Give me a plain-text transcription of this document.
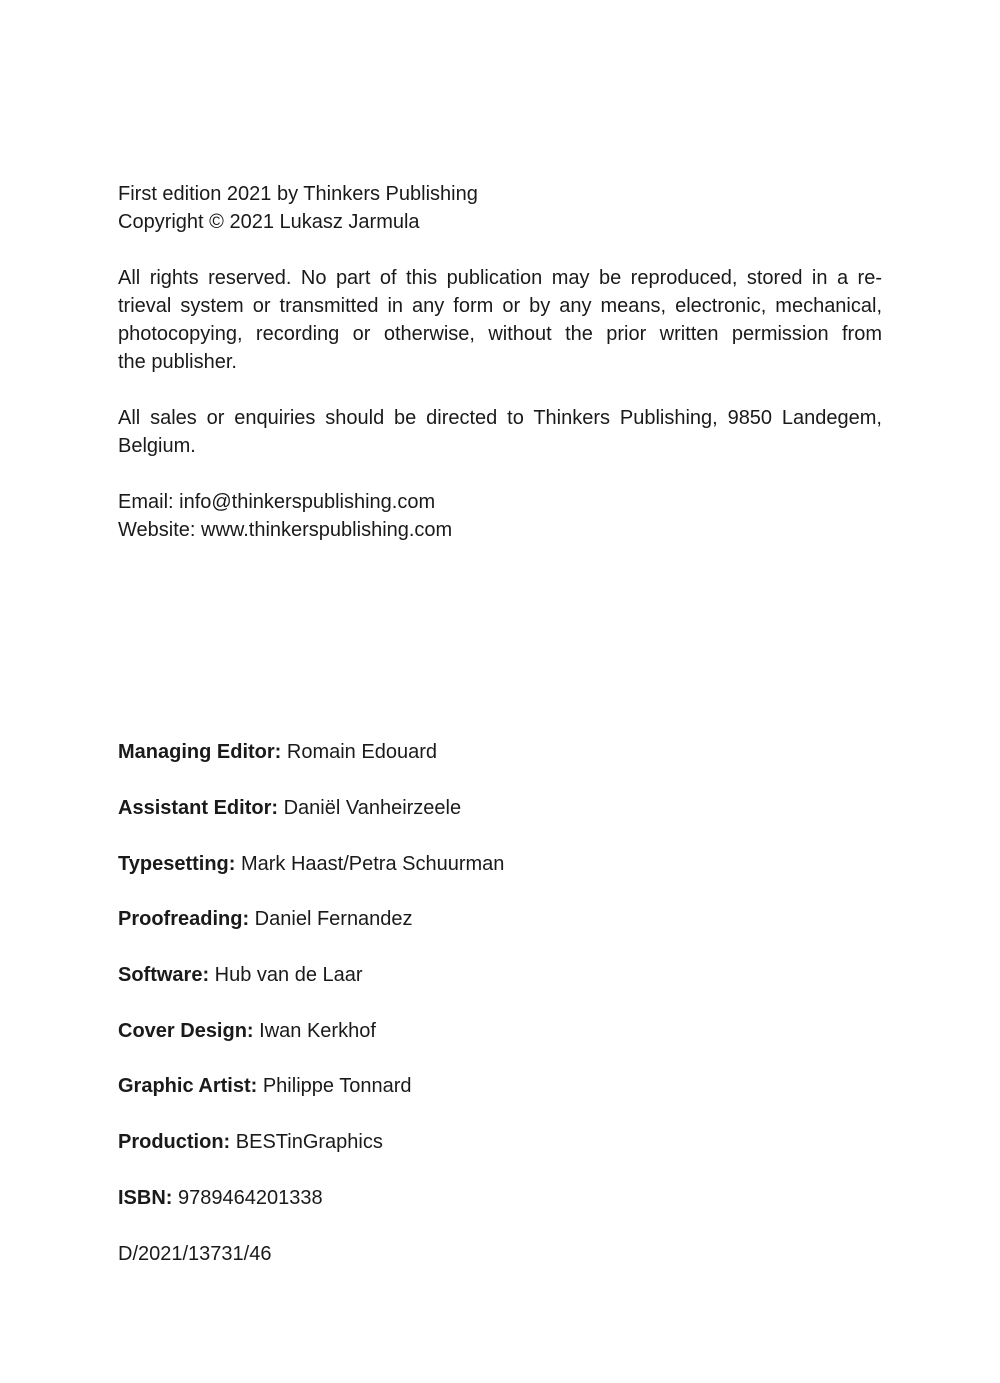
First edition 2021 by Thinkers Publishing
Copyright © 2021 Lukasz Jarmula
All rights reserved. No part of this publication may be reproduced, stored in a re-
trieval system or transmitted in any form or by any means, electronic, mechanical,
photocopying, recording or otherwise, without the prior written permission from
the publisher.
All sales or enquiries should be directed to Thinkers Publishing, 9850 Landegem,
Belgium.
Email: info@thinkerspublishing.com
Website: www.thinkerspublishing.com
Managing Editor: Romain Edouard
Assistant Editor: Daniël Vanheirzeele
Typesetting: Mark Haast/Petra Schuurman
Proofreading: Daniel Fernandez
Software: Hub van de Laar
Cover Design: Iwan Kerkhof
Graphic Artist: Philippe Tonnard
Production: BESTinGraphics
ISBN: 9789464201338
D/2021/13731/46
